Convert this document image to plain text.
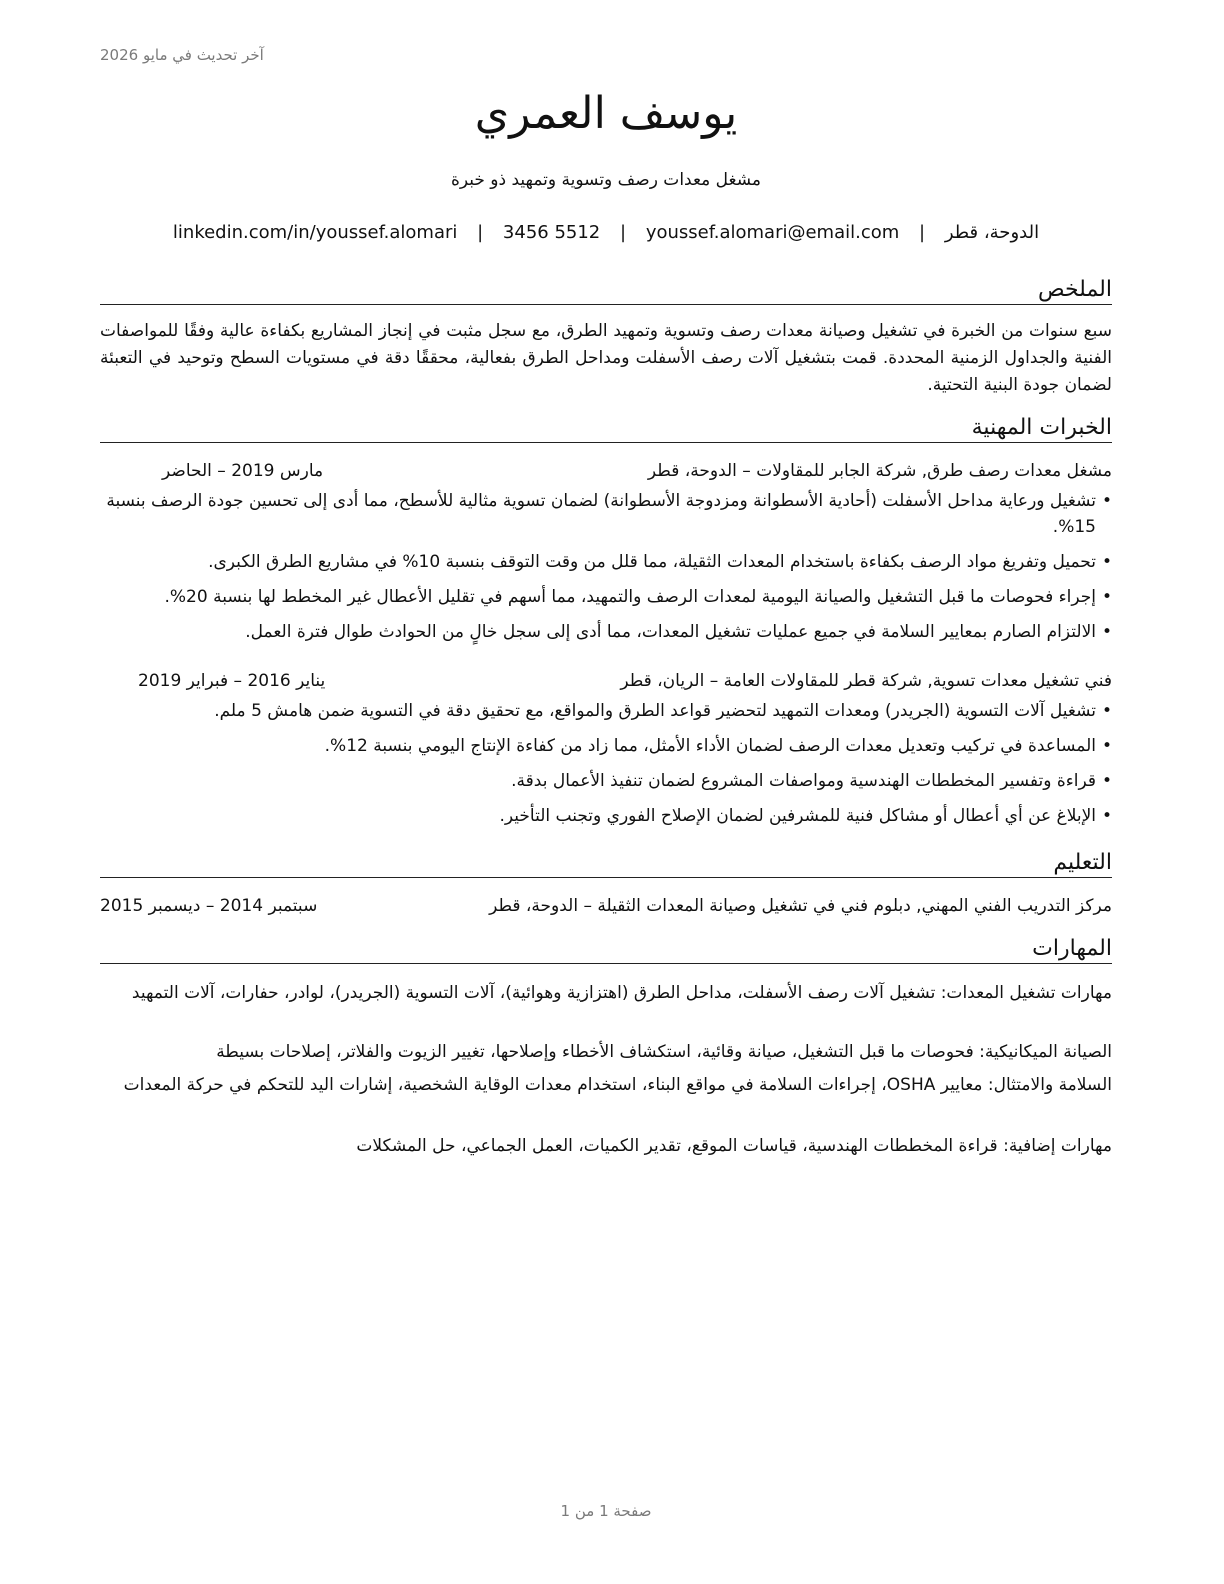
آخر تحديث في مايو 2026
يوسف العمري
مشغل معدات رصف وتسوية وتمهيد ذو خبرة
linkedin.com/in/youssef.alomari | 3456 5512 | youssef.alomari@email.com | الدوحة، قطر
الملخص
سبع سنوات من الخبرة في تشغيل وصيانة معدات رصف وتسوية وتمهيد الطرق، مع سجل مثبت في إنجاز المشاريع بكفاءة عالية وفقًا للمواصفات الفنية والجداول الزمنية المحددة. قمت بتشغيل آلات رصف الأسفلت ومداحل الطرق بفعالية، محققًا دقة في مستويات السطح وتوحيد في التعبئة لضمان جودة البنية التحتية.
الخبرات المهنية
مشغل معدات رصف طرق, شركة الجابر للمقاولات – الدوحة، قطر
مارس 2019 – الحاضر
•
تشغيل ورعاية مداحل الأسفلت (أحادية الأسطوانة ومزدوجة الأسطوانة) لضمان تسوية مثالية للأسطح، مما أدى إلى تحسين جودة الرصف بنسبة 15%.
•
تحميل وتفريغ مواد الرصف بكفاءة باستخدام المعدات الثقيلة، مما قلل من وقت التوقف بنسبة 10% في مشاريع الطرق الكبرى.
•
إجراء فحوصات ما قبل التشغيل والصيانة اليومية لمعدات الرصف والتمهيد، مما أسهم في تقليل الأعطال غير المخطط لها بنسبة 20%.
•
الالتزام الصارم بمعايير السلامة في جميع عمليات تشغيل المعدات، مما أدى إلى سجل خالٍ من الحوادث طوال فترة العمل.
فني تشغيل معدات تسوية, شركة قطر للمقاولات العامة – الريان، قطر
يناير 2016 – فبراير 2019
•
تشغيل آلات التسوية (الجريدر) ومعدات التمهيد لتحضير قواعد الطرق والمواقع، مع تحقيق دقة في التسوية ضمن هامش 5 ملم.
•
المساعدة في تركيب وتعديل معدات الرصف لضمان الأداء الأمثل، مما زاد من كفاءة الإنتاج اليومي بنسبة 12%.
•
قراءة وتفسير المخططات الهندسية ومواصفات المشروع لضمان تنفيذ الأعمال بدقة.
•
الإبلاغ عن أي أعطال أو مشاكل فنية للمشرفين لضمان الإصلاح الفوري وتجنب التأخير.
التعليم
مركز التدريب الفني المهني, دبلوم فني في تشغيل وصيانة المعدات الثقيلة – الدوحة، قطر
سبتمبر 2014 – ديسمبر 2015
المهارات
مهارات تشغيل المعدات: تشغيل آلات رصف الأسفلت، مداحل الطرق (اهتزازية وهوائية)، آلات التسوية (الجريدر)، لوادر، حفارات، آلات التمهيد
الصيانة الميكانيكية: فحوصات ما قبل التشغيل، صيانة وقائية، استكشاف الأخطاء وإصلاحها، تغيير الزيوت والفلاتر، إصلاحات بسيطة
السلامة والامتثال: معايير OSHA، إجراءات السلامة في مواقع البناء، استخدام معدات الوقاية الشخصية، إشارات اليد للتحكم في حركة المعدات
مهارات إضافية: قراءة المخططات الهندسية، قياسات الموقع، تقدير الكميات، العمل الجماعي، حل المشكلات
صفحة 1 من 1
